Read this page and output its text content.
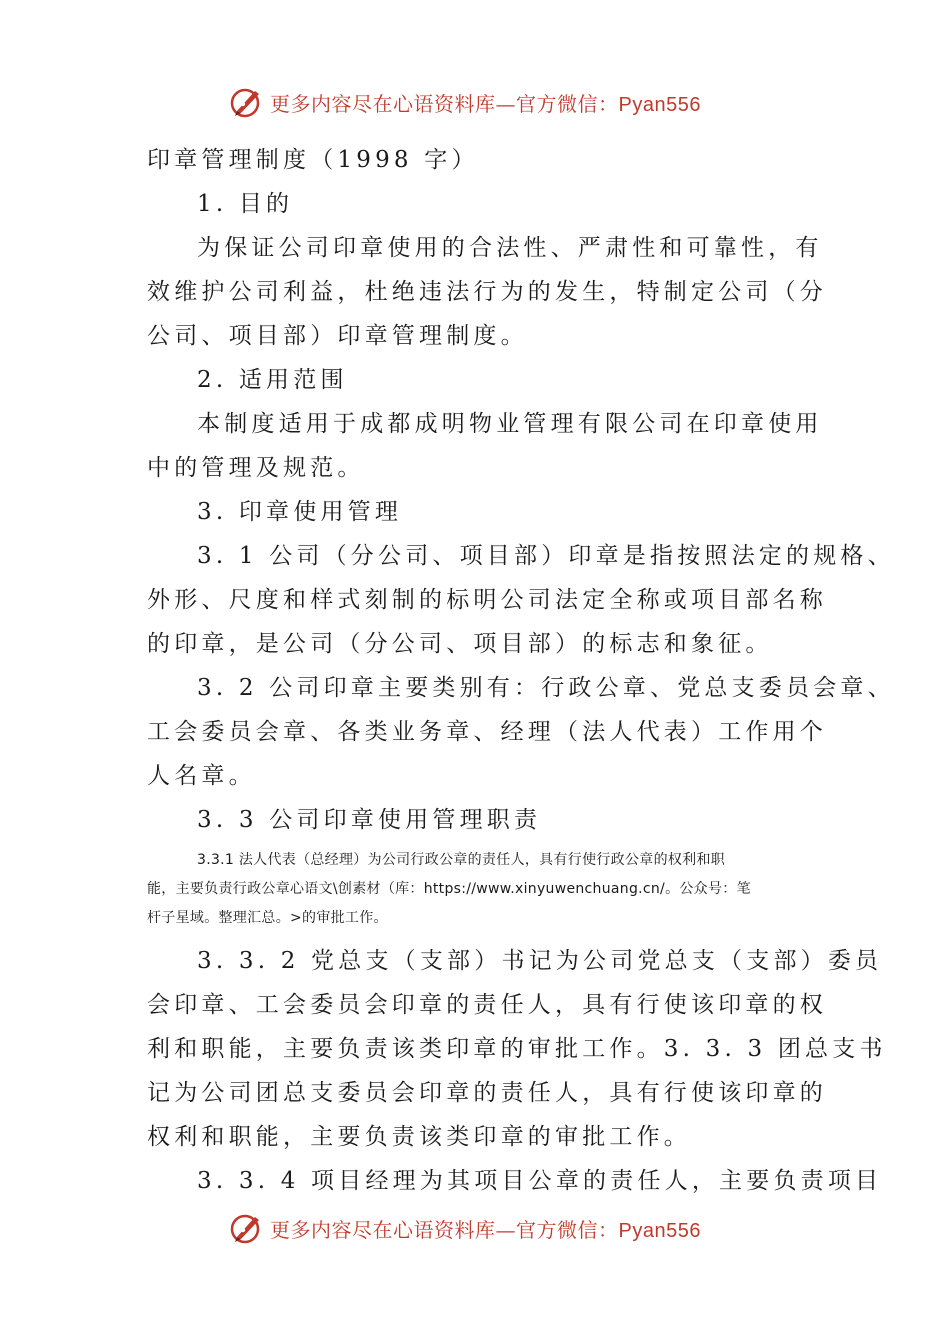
更多内容尽在心语资料库—官方微信：Pyan556
印章管理制度（1998 字）
1. 目的
为保证公司印章使用的合法性、严肃性和可靠性，有
效维护公司利益，杜绝违法行为的发生，特制定公司（分
公司、项目部）印章管理制度。
2. 适用范围
本制度适用于成都成明物业管理有限公司在印章使用
中的管理及规范。
3. 印章使用管理
3. 1 公司（分公司、项目部）印章是指按照法定的规格、
外形、尺度和样式刻制的标明公司法定全称或项目部名称
的印章，是公司（分公司、项目部）的标志和象征。
3. 2 公司印章主要类别有：行政公章、党总支委员会章、
工会委员会章、各类业务章、经理（法人代表）工作用个
人名章。
3. 3 公司印章使用管理职责
3.3.1 法人代表（总经理）为公司行政公章的责任人，具有行使行政公章的权利和职
能，主要负责行政公章心语文\创素材（库：https://www.xinyuwenchuang.cn/。公众号：笔
杆子星域。整理汇总。>的审批工作。
3. 3. 2 党总支（支部）书记为公司党总支（支部）委员
会印章、工会委员会印章的责任人，具有行使该印章的权
利和职能，主要负责该类印章的审批工作。3. 3. 3 团总支书
记为公司团总支委员会印章的责任人，具有行使该印章的
权利和职能，主要负责该类印章的审批工作。
3. 3. 4 项目经理为其项目公章的责任人，主要负责项目
更多内容尽在心语资料库—官方微信：Pyan556
